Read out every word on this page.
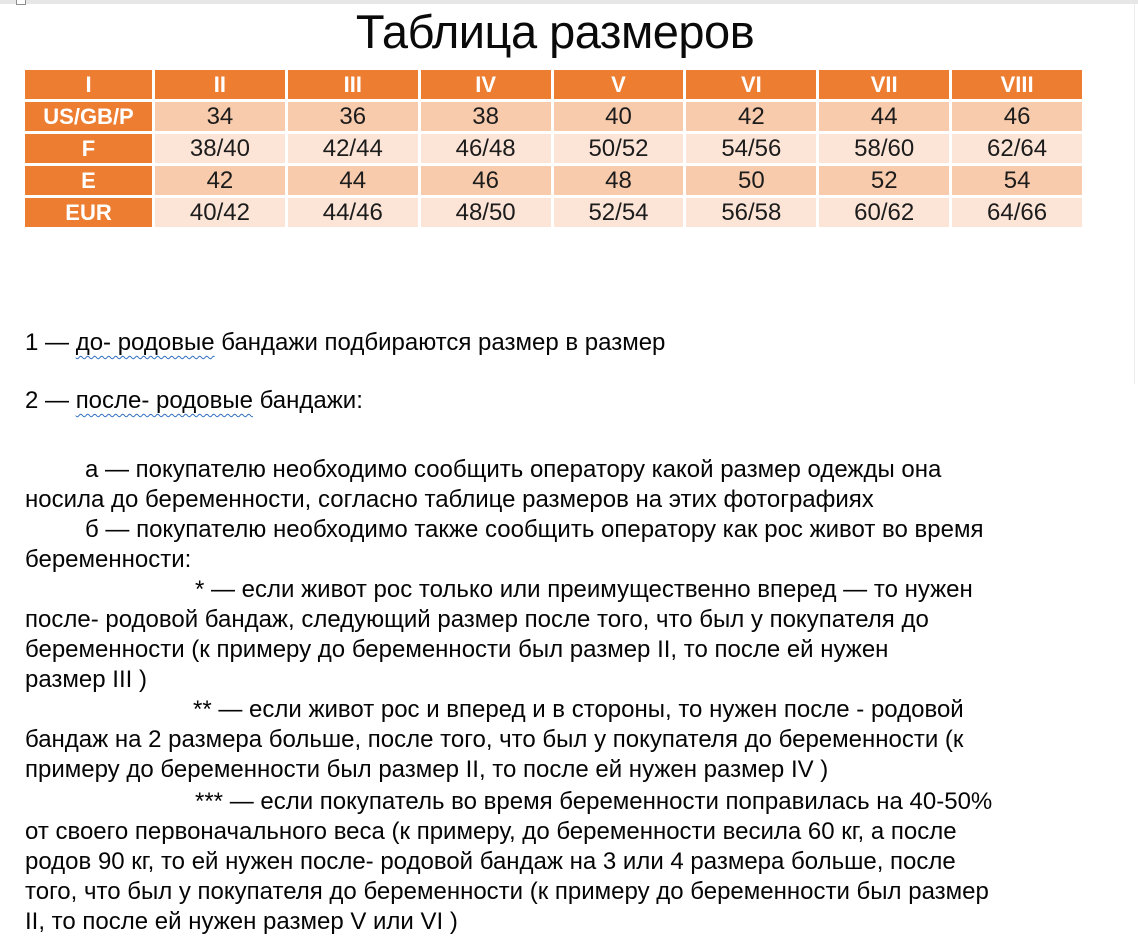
Таблица размеров
I	II	III	IV	V	VI	VII	VIII
US/GB/P	34	36	38	40	42	44	46
F	38/40	42/44	46/48	50/52	54/56	58/60	62/64
E	42	44	46	48	50	52	54
EUR	40/42	44/46	48/50	52/54	56/58	60/62	64/66
1 — до- родовые бандажи подбираются размер в размер
2 — после- родовые бандажи:
а — покупателю необходимо сообщить оператору какой размер одежды она
носила до беременности, согласно таблице размеров на этих фотографиях
б — покупателю необходимо также сообщить оператору как рос живот во время
беременности:
* — если живот рос только или преимущественно вперед — то нужен
после- родовой бандаж, следующий размер после того, что был у покупателя до
беременности (к примеру до беременности был размер II, то после ей нужен
размер III )
** — если живот рос и вперед и в стороны, то нужен после - родовой
бандаж на 2 размера больше, после того, что был у покупателя до беременности (к
примеру до беременности был размер II, то после ей нужен размер IV )
*** — если покупатель во время беременности поправилась на 40-50%
от своего первоначального веса (к примеру, до беременности весила 60 кг, а после
родов 90 кг, то ей нужен после- родовой бандаж на 3 или 4 размера больше, после
того, что был у покупателя до беременности (к примеру до беременности был размер
II, то после ей нужен размер V или VI )
